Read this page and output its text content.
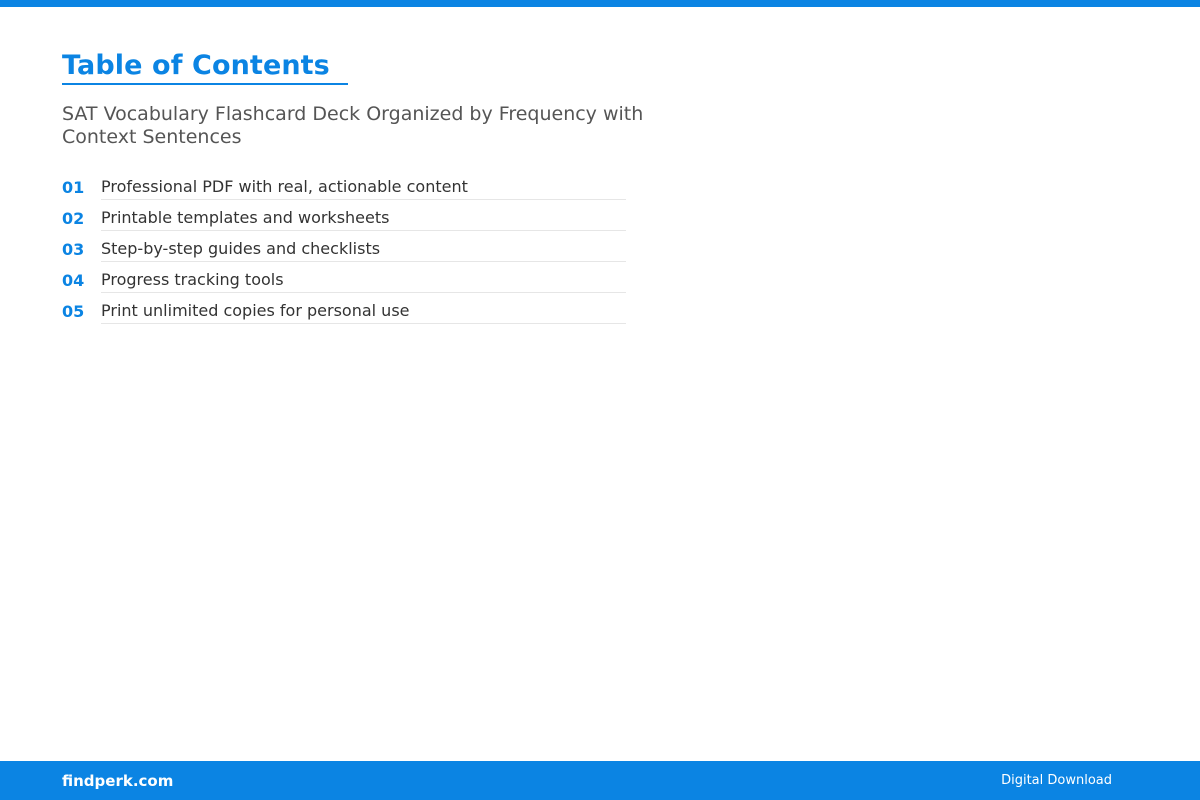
Table of Contents
SAT Vocabulary Flashcard Deck Organized by Frequency with Context Sentences
01	Professional PDF with real, actionable content
02	Printable templates and worksheets
03	Step-by-step guides and checklists
04	Progress tracking tools
05	Print unlimited copies for personal use
findperk.com	Digital Download
